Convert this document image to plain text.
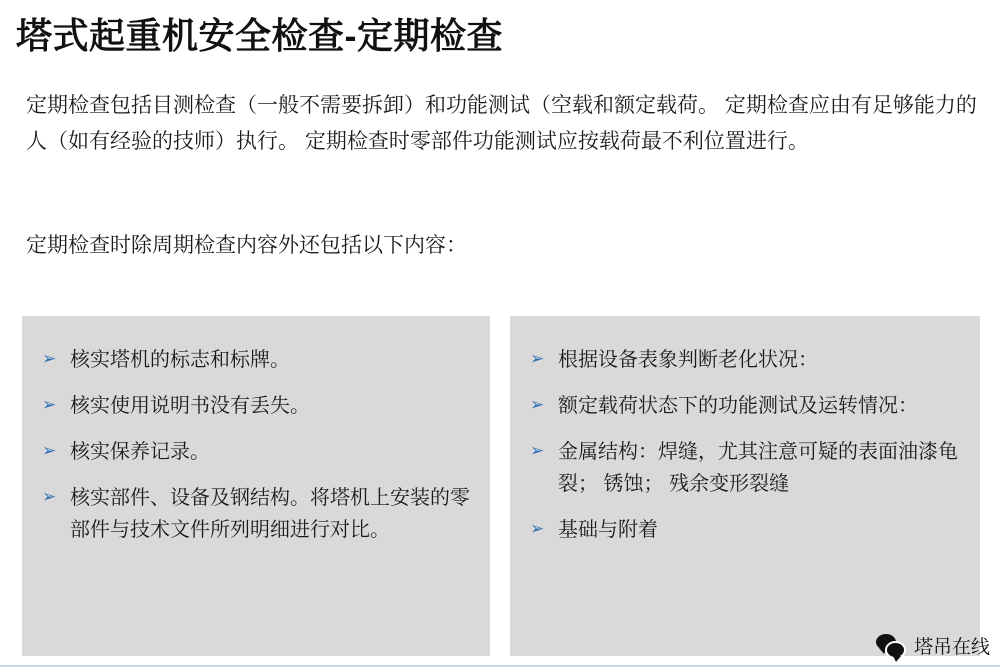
塔式起重机安全检查-定期检查
定期检查包括目测检查（一般不需要拆卸）和功能测试（空载和额定载荷。 定期检查应由有足够能力的人（如有经验的技师）执行。 定期检查时零部件功能测试应按载荷最不利位置进行。
定期检查时除周期检查内容外还包括以下内容：
➢ 核实塔机的标志和标牌。
➢ 核实使用说明书没有丢失。
➢ 核实保养记录。
➢ 核实部件、设备及钢结构。将塔机上安装的零部件与技术文件所列明细进行对比。
➢ 根据设备表象判断老化状况：
➢ 额定载荷状态下的功能测试及运转情况：
➢ 金属结构：焊缝，尤其注意可疑的表面油漆龟裂； 锈蚀； 残余变形裂缝
➢ 基础与附着
塔吊在线
